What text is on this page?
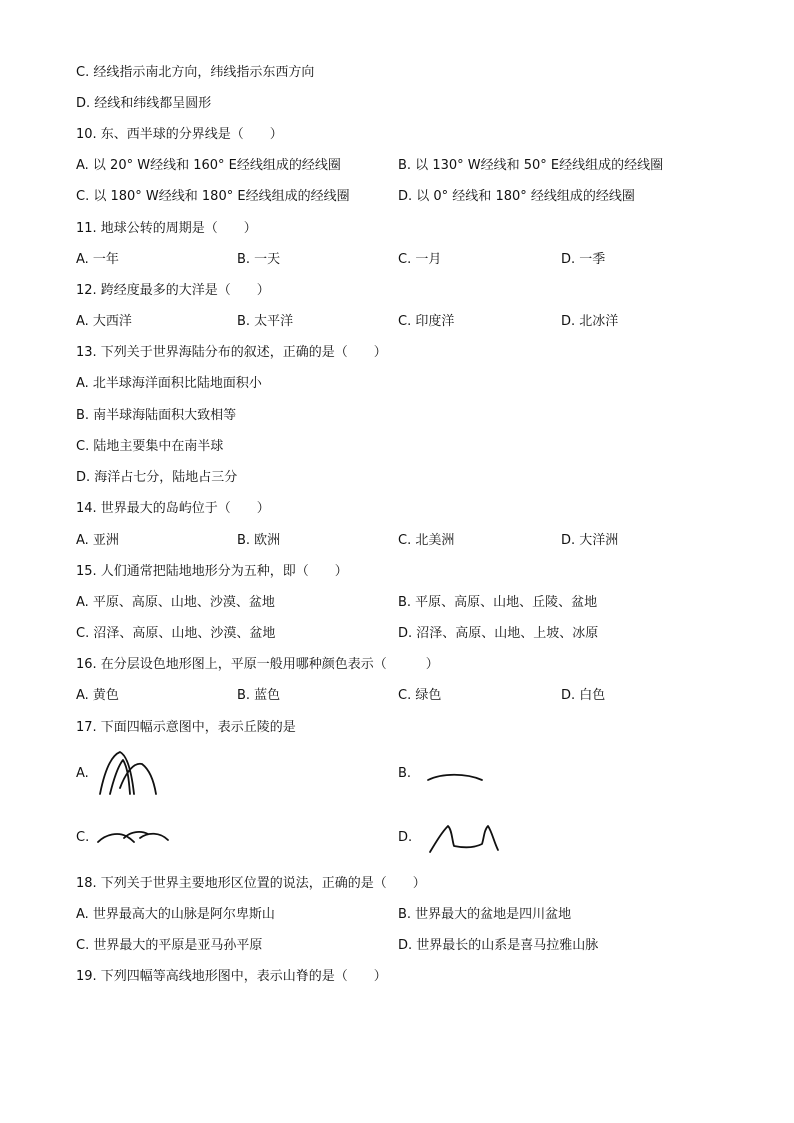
C. 经线指示南北方向，纬线指示东西方向
D. 经线和纬线都呈圆形
10. 东、西半球的分界线是（　　）
A. 以 20° W经线和 160° E经线组成的经线圈	B. 以 130° W经线和 50° E经线组成的经线圈
C. 以 180° W经线和 180° E经线组成的经线圈	D. 以 0° 经线和 180° 经线组成的经线圈
11. 地球公转的周期是（　　）
A. 一年	B. 一天	C. 一月	D. 一季
12. 跨经度最多的大洋是（　　）
A. 大西洋	B. 太平洋	C. 印度洋	D. 北冰洋
13. 下列关于世界海陆分布的叙述，正确的是（　　）
A. 北半球海洋面积比陆地面积小
B. 南半球海陆面积大致相等
C. 陆地主要集中在南半球
D. 海洋占七分，陆地占三分
14. 世界最大的岛屿位于（　　）
A. 亚洲	B. 欧洲	C. 北美洲	D. 大洋洲
15. 人们通常把陆地地形分为五种，即（　　）
A. 平原、高原、山地、沙漠、盆地	B. 平原、高原、山地、丘陵、盆地
C. 沼泽、高原、山地、沙漠、盆地	D. 沼泽、高原、山地、上坡、冰原
16. 在分层设色地形图上，平原一般用哪种颜色表示（　　　）
A. 黄色	B. 蓝色	C. 绿色	D. 白色
17. 下面四幅示意图中，表示丘陵的是
A.	B.
C.	D.
18. 下列关于世界主要地形区位置的说法，正确的是（　　）
A. 世界最高大的山脉是阿尔卑斯山	B. 世界最大的盆地是四川盆地
C. 世界最大的平原是亚马孙平原	D. 世界最长的山系是喜马拉雅山脉
19. 下列四幅等高线地形图中，表示山脊的是（　　）
